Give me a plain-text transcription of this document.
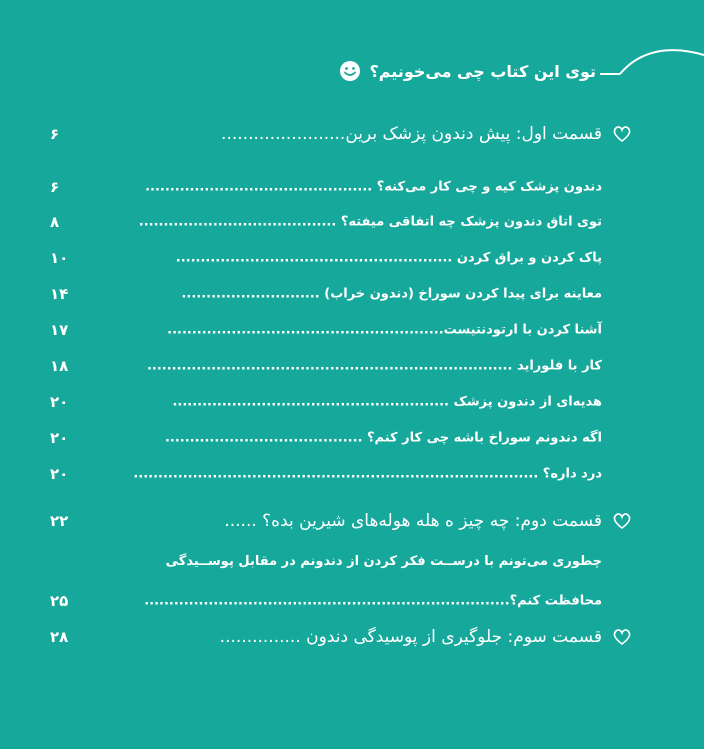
توی این کتاب چی می‌خونیم؟
قسمت اول: پیش دندون پزشک برین.......................
۶
دندون پزشک کیه و چی کار می‌کنه؟ ..............................................
۶
توی اتاق دندون پزشک چه اتفاقی میفته؟ ........................................
۸
پاک کردن و براق کردن ........................................................
۱۰
معاینه برای پیدا کردن سوراخ (دندون خراب) ............................
۱۴
آشنا کردن با ارتودنتیست........................................................
۱۷
کار با فلوراید ..........................................................................
۱۸
هدیه‌ای از دندون پزشک ........................................................
۲۰
اگه دندونم سوراخ باشه چی کار کنم؟ ........................................
۲۰
درد داره؟ ..................................................................................
۲۰
قسمت دوم: چه چیز ه هله هوله‌های شیرین بده؟ ......
۲۲
چطوری می‌تونم با درســت فکر کردن از دندونم در مقابل پوســیدگی
محافظت کنم؟..........................................................................
۲۵
قسمت سوم: جلوگیری از پوسیدگی دندون ...............
۲۸
